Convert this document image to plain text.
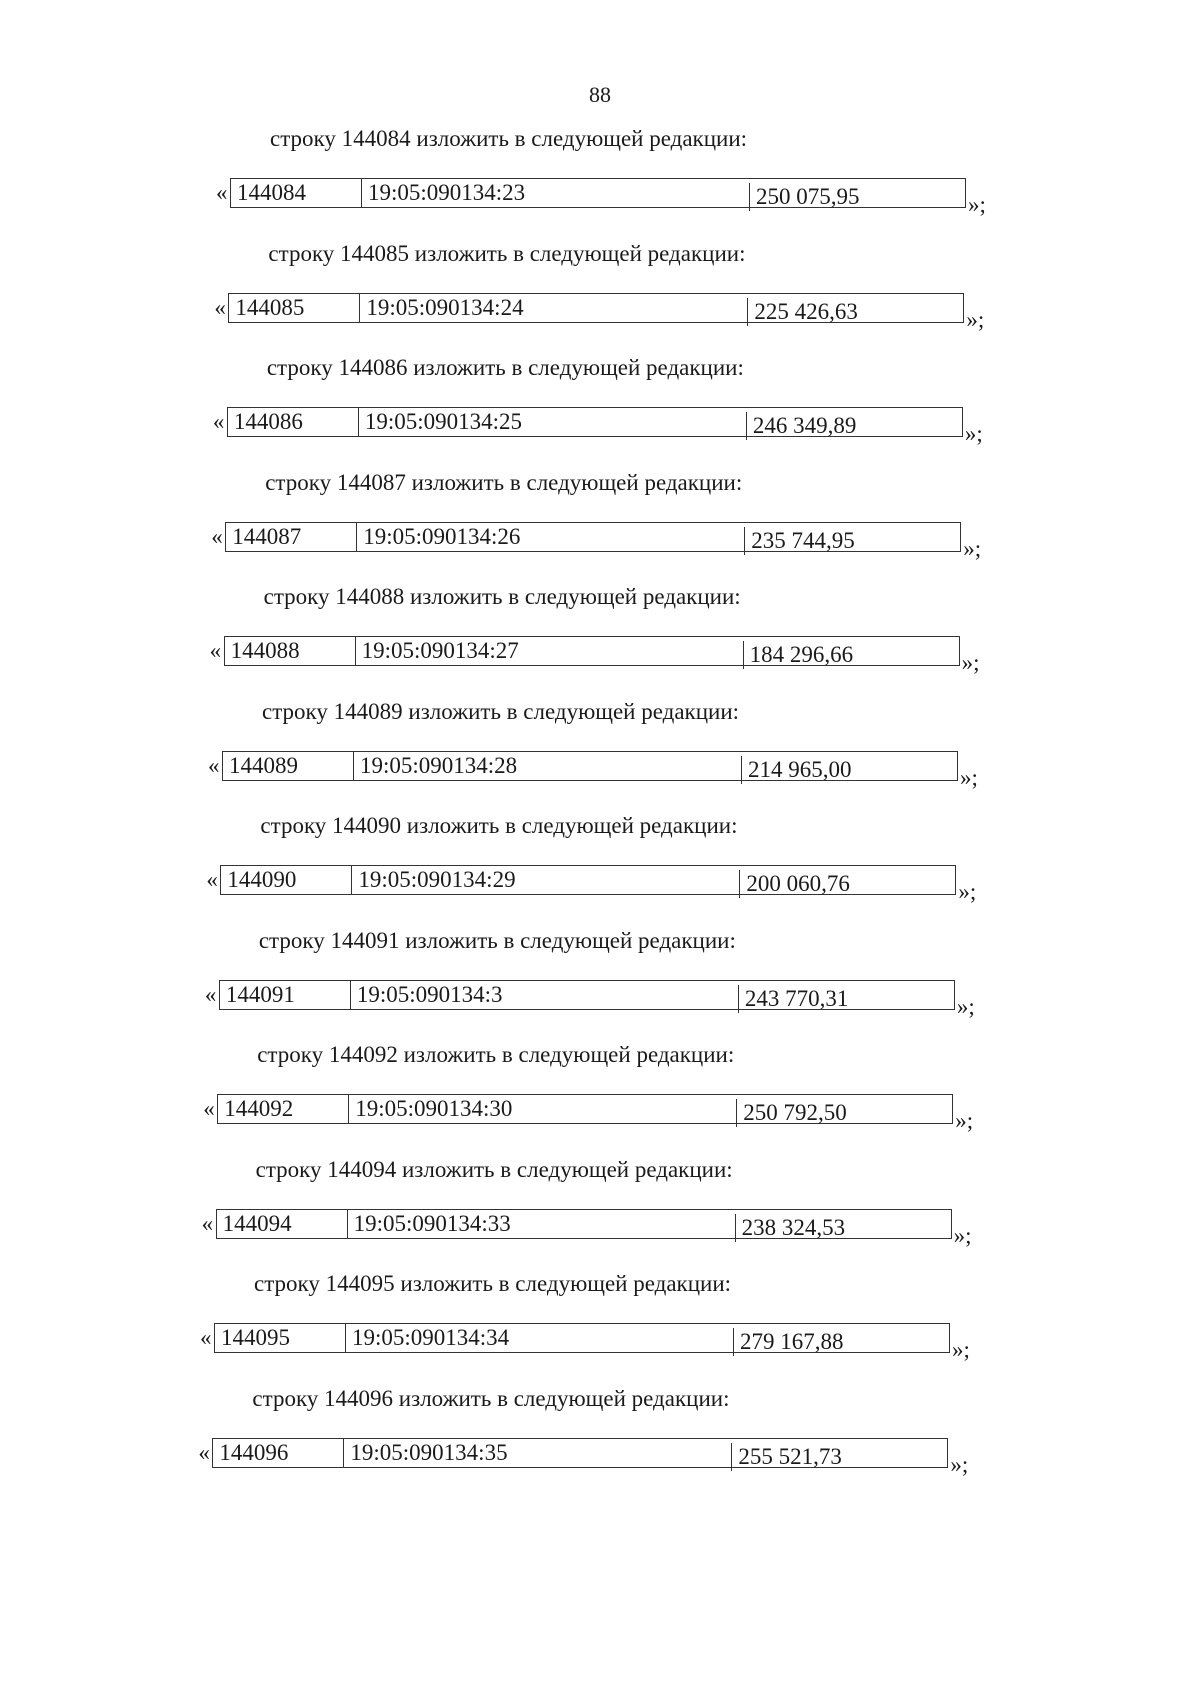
88
строку 144084 изложить в следующей редакции:
« 144084	19:05:090134:23	250 075,95	»;
строку 144085 изложить в следующей редакции:
« 144085	19:05:090134:24	225 426,63	»;
строку 144086 изложить в следующей редакции:
« 144086	19:05:090134:25	246 349,89	»;
строку 144087 изложить в следующей редакции:
« 144087	19:05:090134:26	235 744,95	»;
строку 144088 изложить в следующей редакции:
« 144088	19:05:090134:27	184 296,66	»;
строку 144089 изложить в следующей редакции:
« 144089	19:05:090134:28	214 965,00	»;
строку 144090 изложить в следующей редакции:
« 144090	19:05:090134:29	200 060,76	»;
строку 144091 изложить в следующей редакции:
« 144091	19:05:090134:3	243 770,31	»;
строку 144092 изложить в следующей редакции:
« 144092	19:05:090134:30	250 792,50	»;
строку 144094 изложить в следующей редакции:
« 144094	19:05:090134:33	238 324,53	»;
строку 144095 изложить в следующей редакции:
« 144095	19:05:090134:34	279 167,88	»;
строку 144096 изложить в следующей редакции:
« 144096	19:05:090134:35	255 521,73	»;
